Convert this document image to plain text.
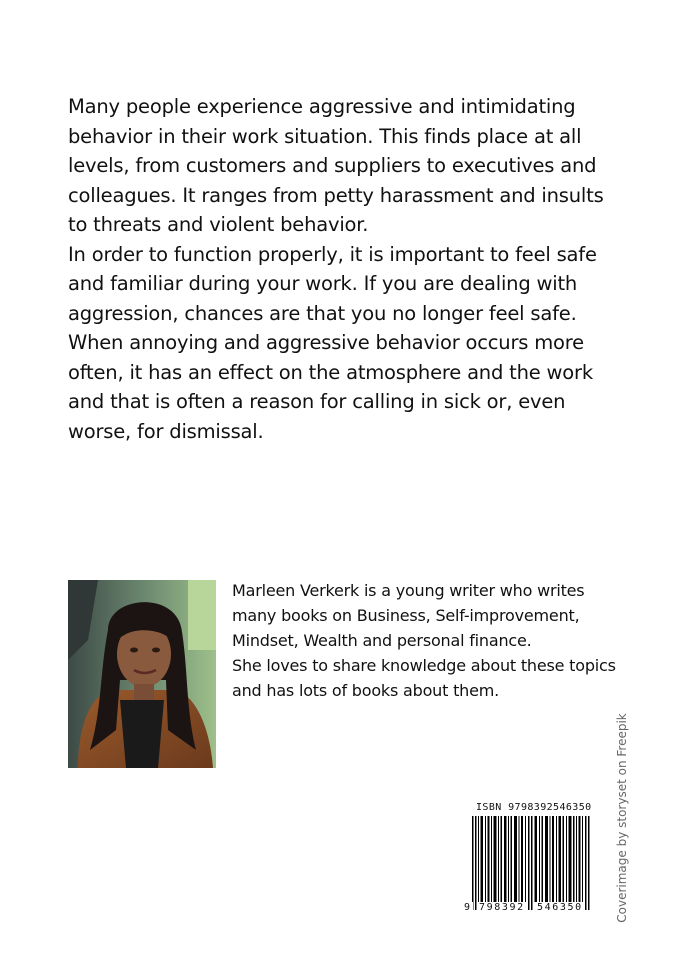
Many people experience aggressive and intimidating behavior in their work situation. This finds place at all levels, from customers and suppliers to executives and colleagues. It ranges from petty harassment and insults to threats and violent behavior.

In order to function properly, it is important to feel safe and familiar during your work. If you are dealing with aggression, chances are that you no longer feel safe. When annoying and aggressive behavior occurs more often, it has an effect on the atmosphere and the work and that is often a reason for calling in sick or, even worse, for dismissal.

Marleen Verkerk is a young writer who writes many books on Business, Self-improvement, Mindset, Wealth and personal finance.

She loves to share knowledge about these topics and has lots of books about them.

Coverimage by storyset on Freepik
ISBN 9798392546350
9 798392 546350
